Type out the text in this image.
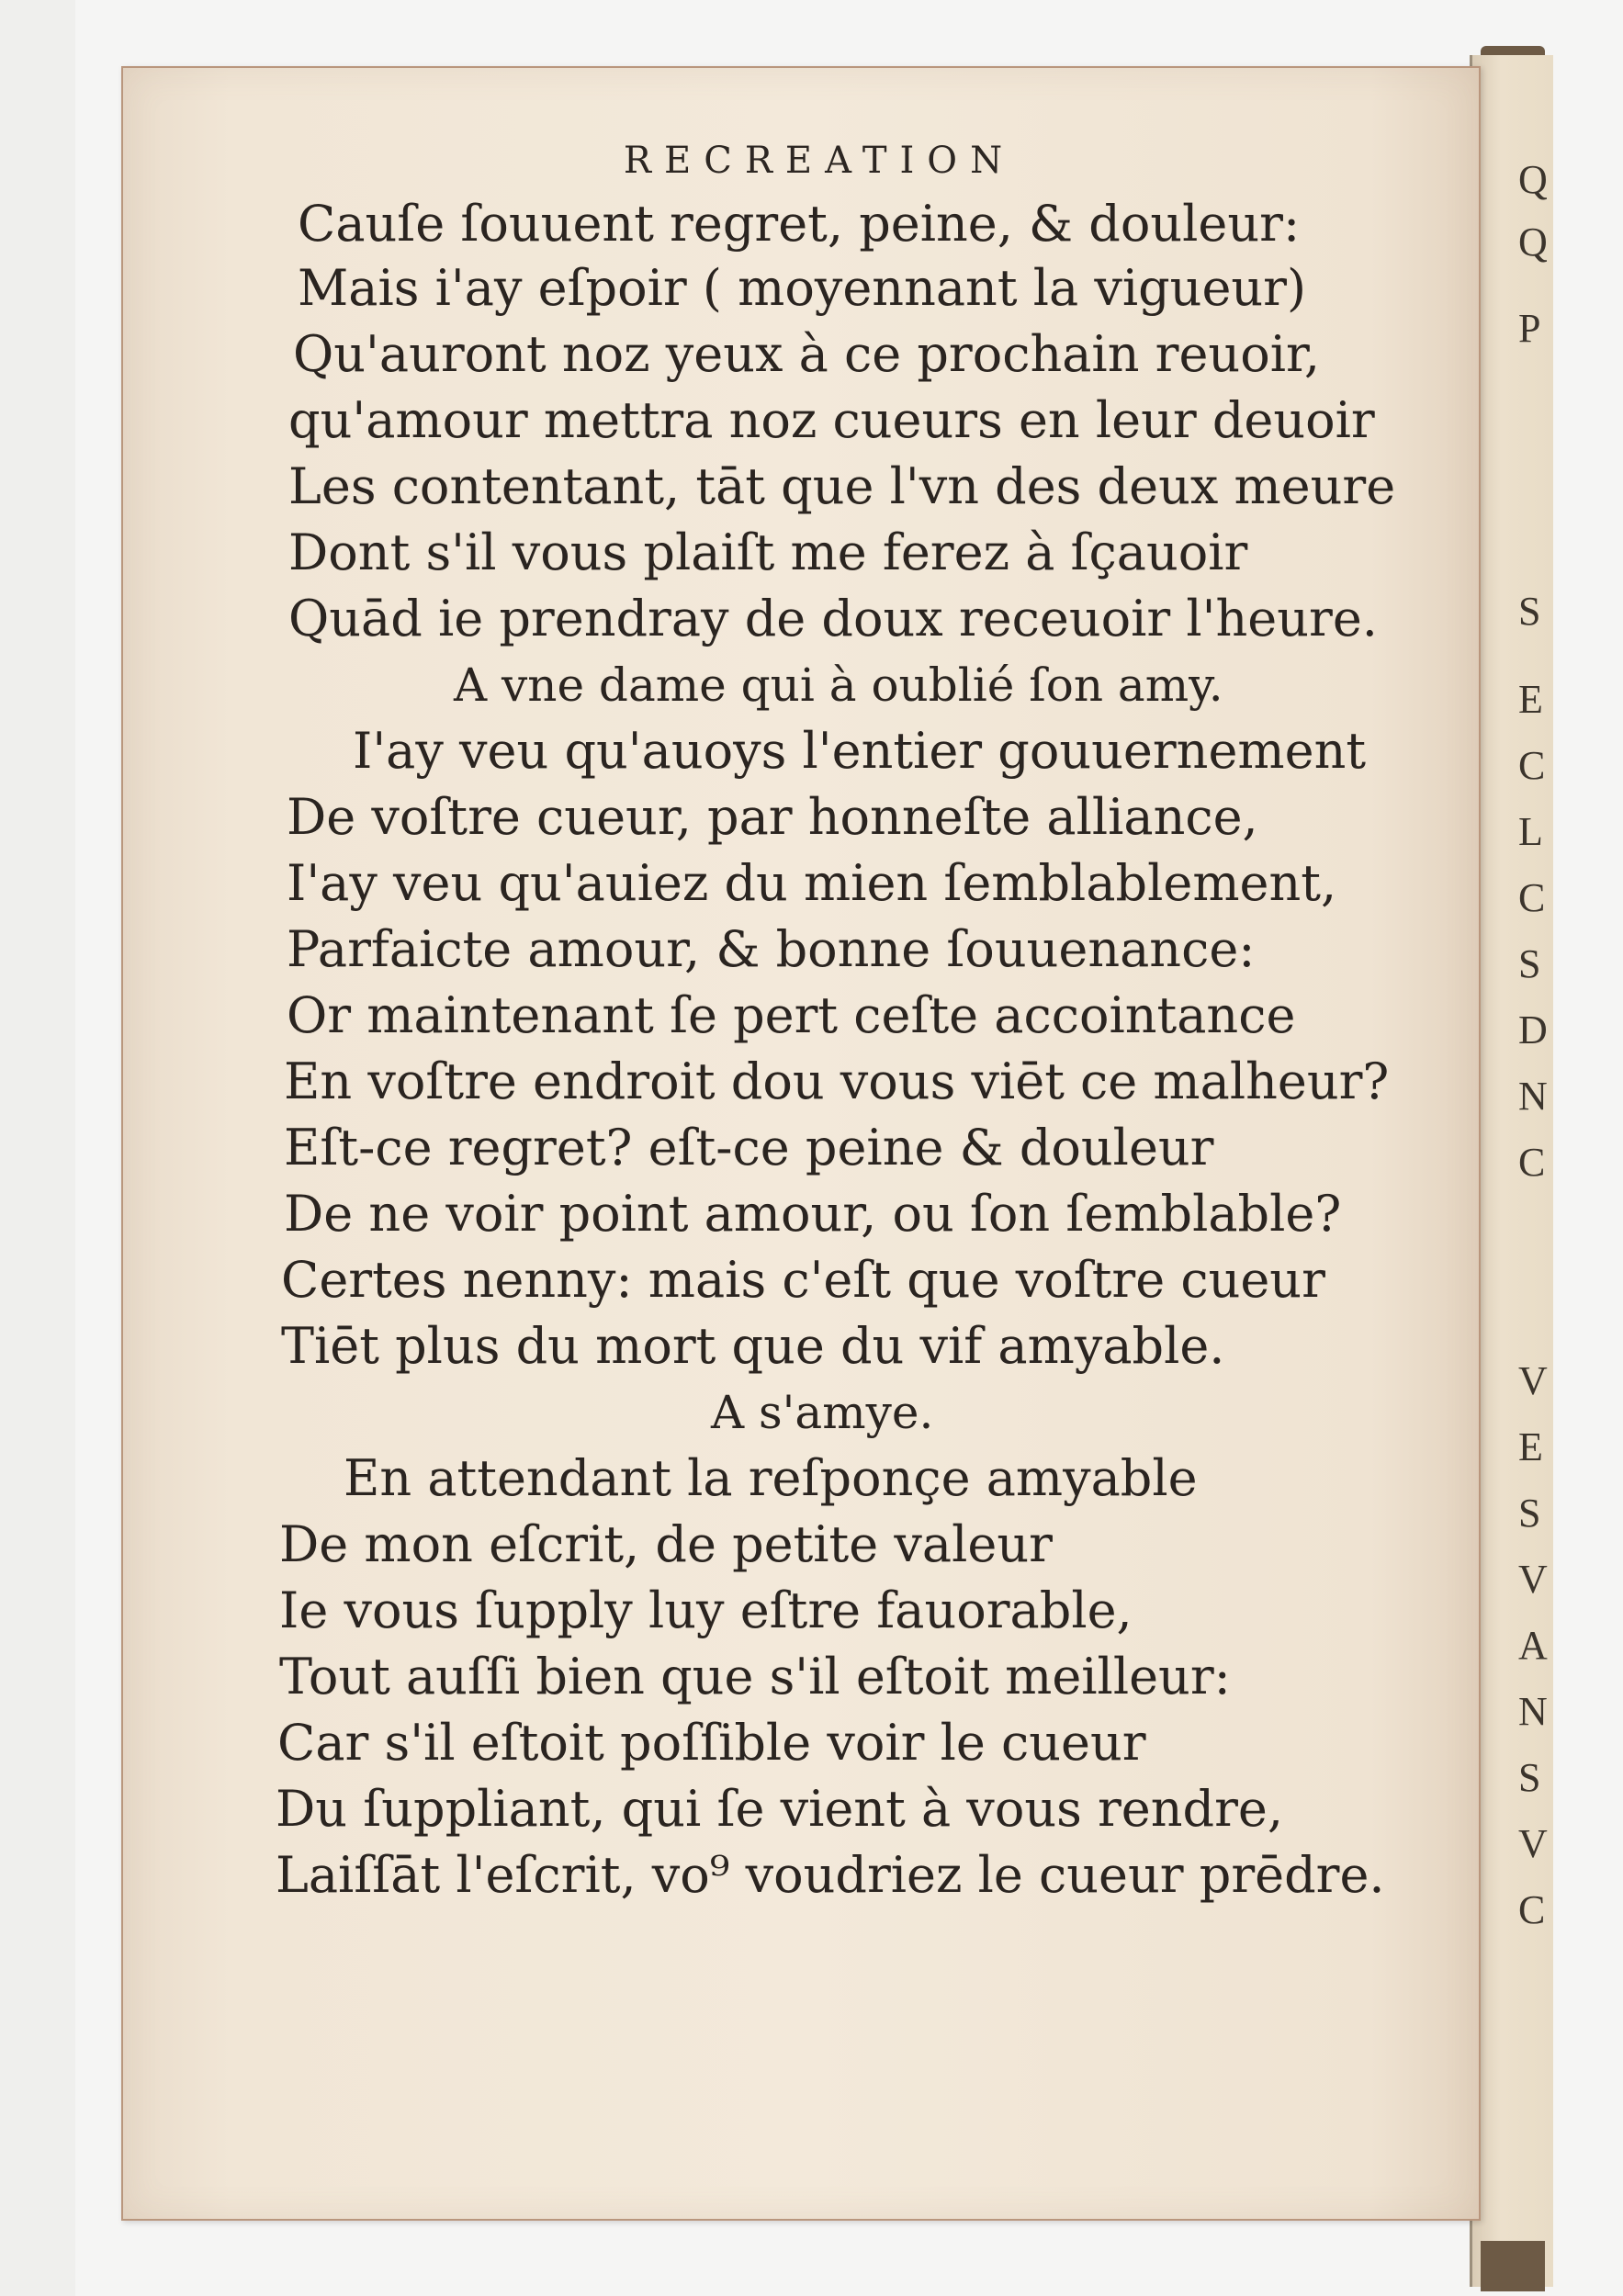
Q
Q
P
S
E
C
L
C
S
D
N
C
V
E
S
V
A
N
S
V
C
RECREATION
Cauſe ſouuent regret, peine, & douleur:
Mais i'ay eſpoir ( moyennant la vigueur)
Qu'auront noz yeux à ce prochain reuoir,
qu'amour mettra noz cueurs en leur deuoir
Les contentant, tāt que l'vn des deux meure
Dont s'il vous plaiſt me ferez à ſçauoir
Quād ie prendray de doux receuoir l'heure.
A vne dame qui à oublié ſon amy.
I'ay veu qu'auoys l'entier gouuernement
De voſtre cueur, par honneſte alliance,
I'ay veu qu'auiez du mien ſemblablement,
Parfaicte amour, & bonne ſouuenance:
Or maintenant ſe pert ceſte accointance
En voſtre endroit dou vous viēt ce malheur?
Eſt-ce regret? eſt-ce peine & douleur
De ne voir point amour, ou ſon ſemblable?
Certes nenny: mais c'eſt que voſtre cueur
Tiēt plus du mort que du vif amyable.
A s'amye.
En attendant la reſponçe amyable
De mon eſcrit, de petite valeur
Ie vous ſupply luy eſtre fauorable,
Tout auſſi bien que s'il eſtoit meilleur:
Car s'il eſtoit poſſible voir le cueur
Du ſuppliant, qui ſe vient à vous rendre,
Laiſſāt l'eſcrit, vo⁹ voudriez le cueur prēdre.
